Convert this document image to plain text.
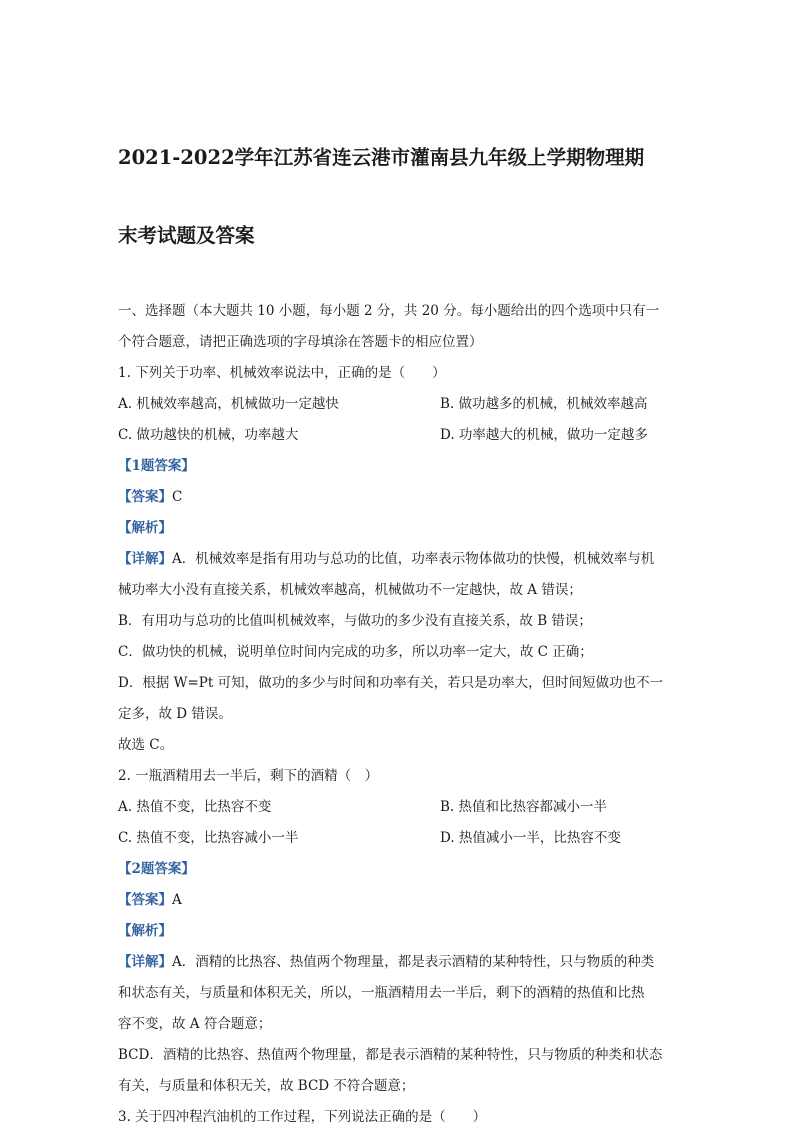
2021-2022学年江苏省连云港市灌南县九年级上学期物理期

末考试题及答案

一、选择题（本大题共 10 小题，每小题 2 分，共 20 分。每小题给出的四个选项中只有一

个符合题意，请把正确选项的字母填涂在答题卡的相应位置）

1. 下列关于功率、机械效率说法中，正确的是（　　）

A. 机械效率越高，机械做功一定越快	B. 做功越多的机械，机械效率越高
C. 做功越快的机械，功率越大	D. 功率越大的机械，做功一定越多

【1题答案】

【答案】C

【解析】

【详解】A．机械效率是指有用功与总功的比值，功率表示物体做功的快慢，机械效率与机

械功率大小没有直接关系，机械效率越高，机械做功不一定越快，故 A 错误；

B．有用功与总功的比值叫机械效率，与做功的多少没有直接关系，故 B 错误；

C．做功快的机械，说明单位时间内完成的功多，所以功率一定大，故 C 正确；

D．根据 W=Pt 可知，做功的多少与时间和功率有关，若只是功率大，但时间短做功也不一

定多，故 D 错误。

故选 C。

2. 一瓶酒精用去一半后，剩下的酒精（　）

A. 热值不变，比热容不变	B. 热值和比热容都减小一半
C. 热值不变，比热容减小一半	D. 热值减小一半，比热容不变

【2题答案】

【答案】A

【解析】

【详解】A．酒精的比热容、热值两个物理量，都是表示酒精的某种特性，只与物质的种类

和状态有关，与质量和体积无关，所以，一瓶酒精用去一半后，剩下的酒精的热值和比热

容不变，故 A 符合题意；

BCD．酒精的比热容、热值两个物理量，都是表示酒精的某种特性，只与物质的种类和状态

有关，与质量和体积无关，故 BCD 不符合题意；

3. 关于四冲程汽油机的工作过程，下列说法正确的是（　　）
